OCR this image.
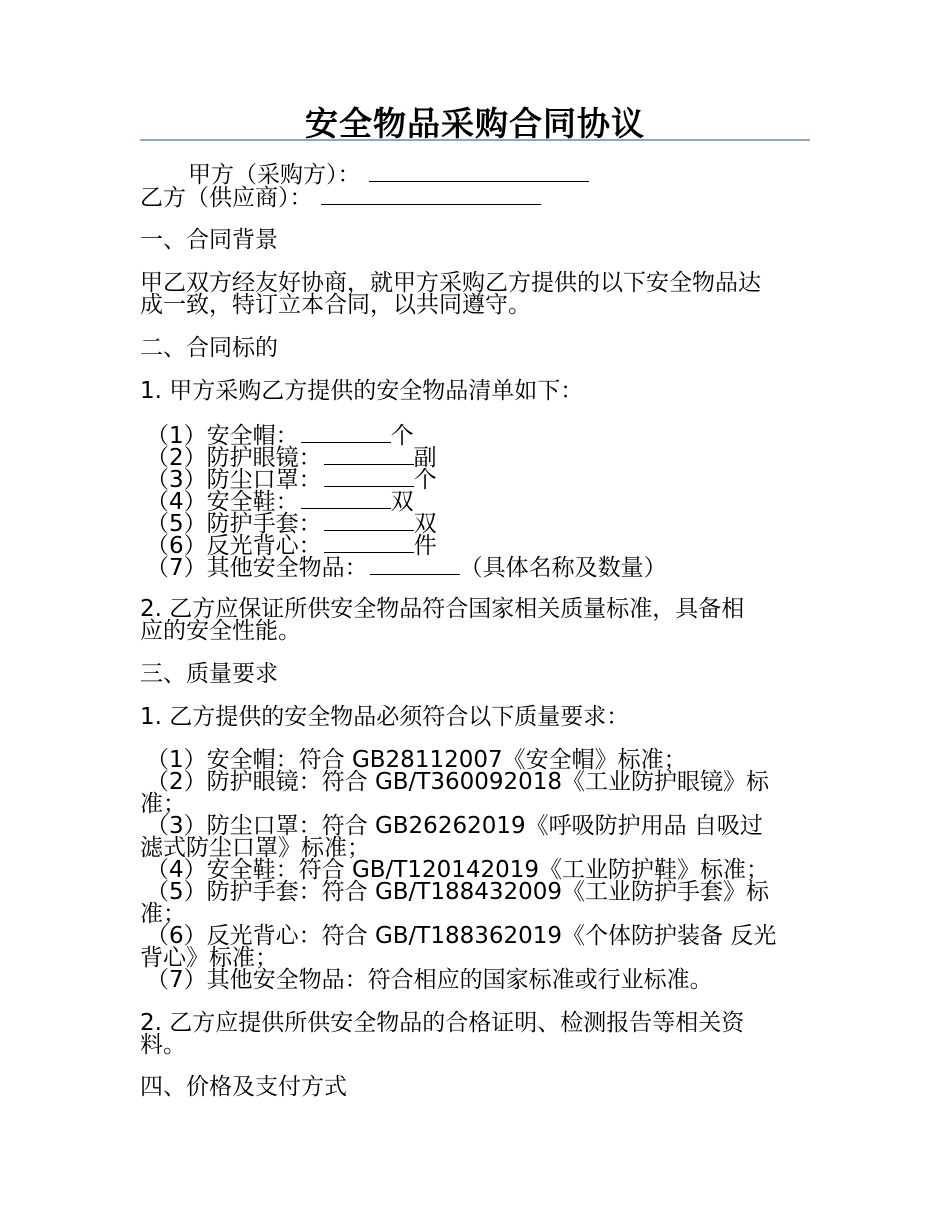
安全物品采购合同协议
甲方（采购方）：
乙方（供应商）：
一、合同背景
甲乙双方经友好协商，就甲方采购乙方提供的以下安全物品达
成一致，特订立本合同，以共同遵守。
二、合同标的
1. 甲方采购乙方提供的安全物品清单如下：
（1）安全帽：	个
（2）防护眼镜：	副
（3）防尘口罩：	个
（4）安全鞋：	双
（5）防护手套：	双
（6）反光背心：	件
（7）其他安全物品：	（具体名称及数量）
2. 乙方应保证所供安全物品符合国家相关质量标准，具备相
应的安全性能。
三、质量要求
1. 乙方提供的安全物品必须符合以下质量要求：
（1）安全帽：符合 GB28112007《安全帽》标准；
（2）防护眼镜：符合 GB/T360092018《工业防护眼镜》标
准；
（3）防尘口罩：符合 GB26262019《呼吸防护用品 自吸过
滤式防尘口罩》标准；
（4）安全鞋：符合 GB/T120142019《工业防护鞋》标准；
（5）防护手套：符合 GB/T188432009《工业防护手套》标
准；
（6）反光背心：符合 GB/T188362019《个体防护装备 反光
背心》标准；
（7）其他安全物品：符合相应的国家标准或行业标准。
2. 乙方应提供所供安全物品的合格证明、检测报告等相关资
料。
四、价格及支付方式
